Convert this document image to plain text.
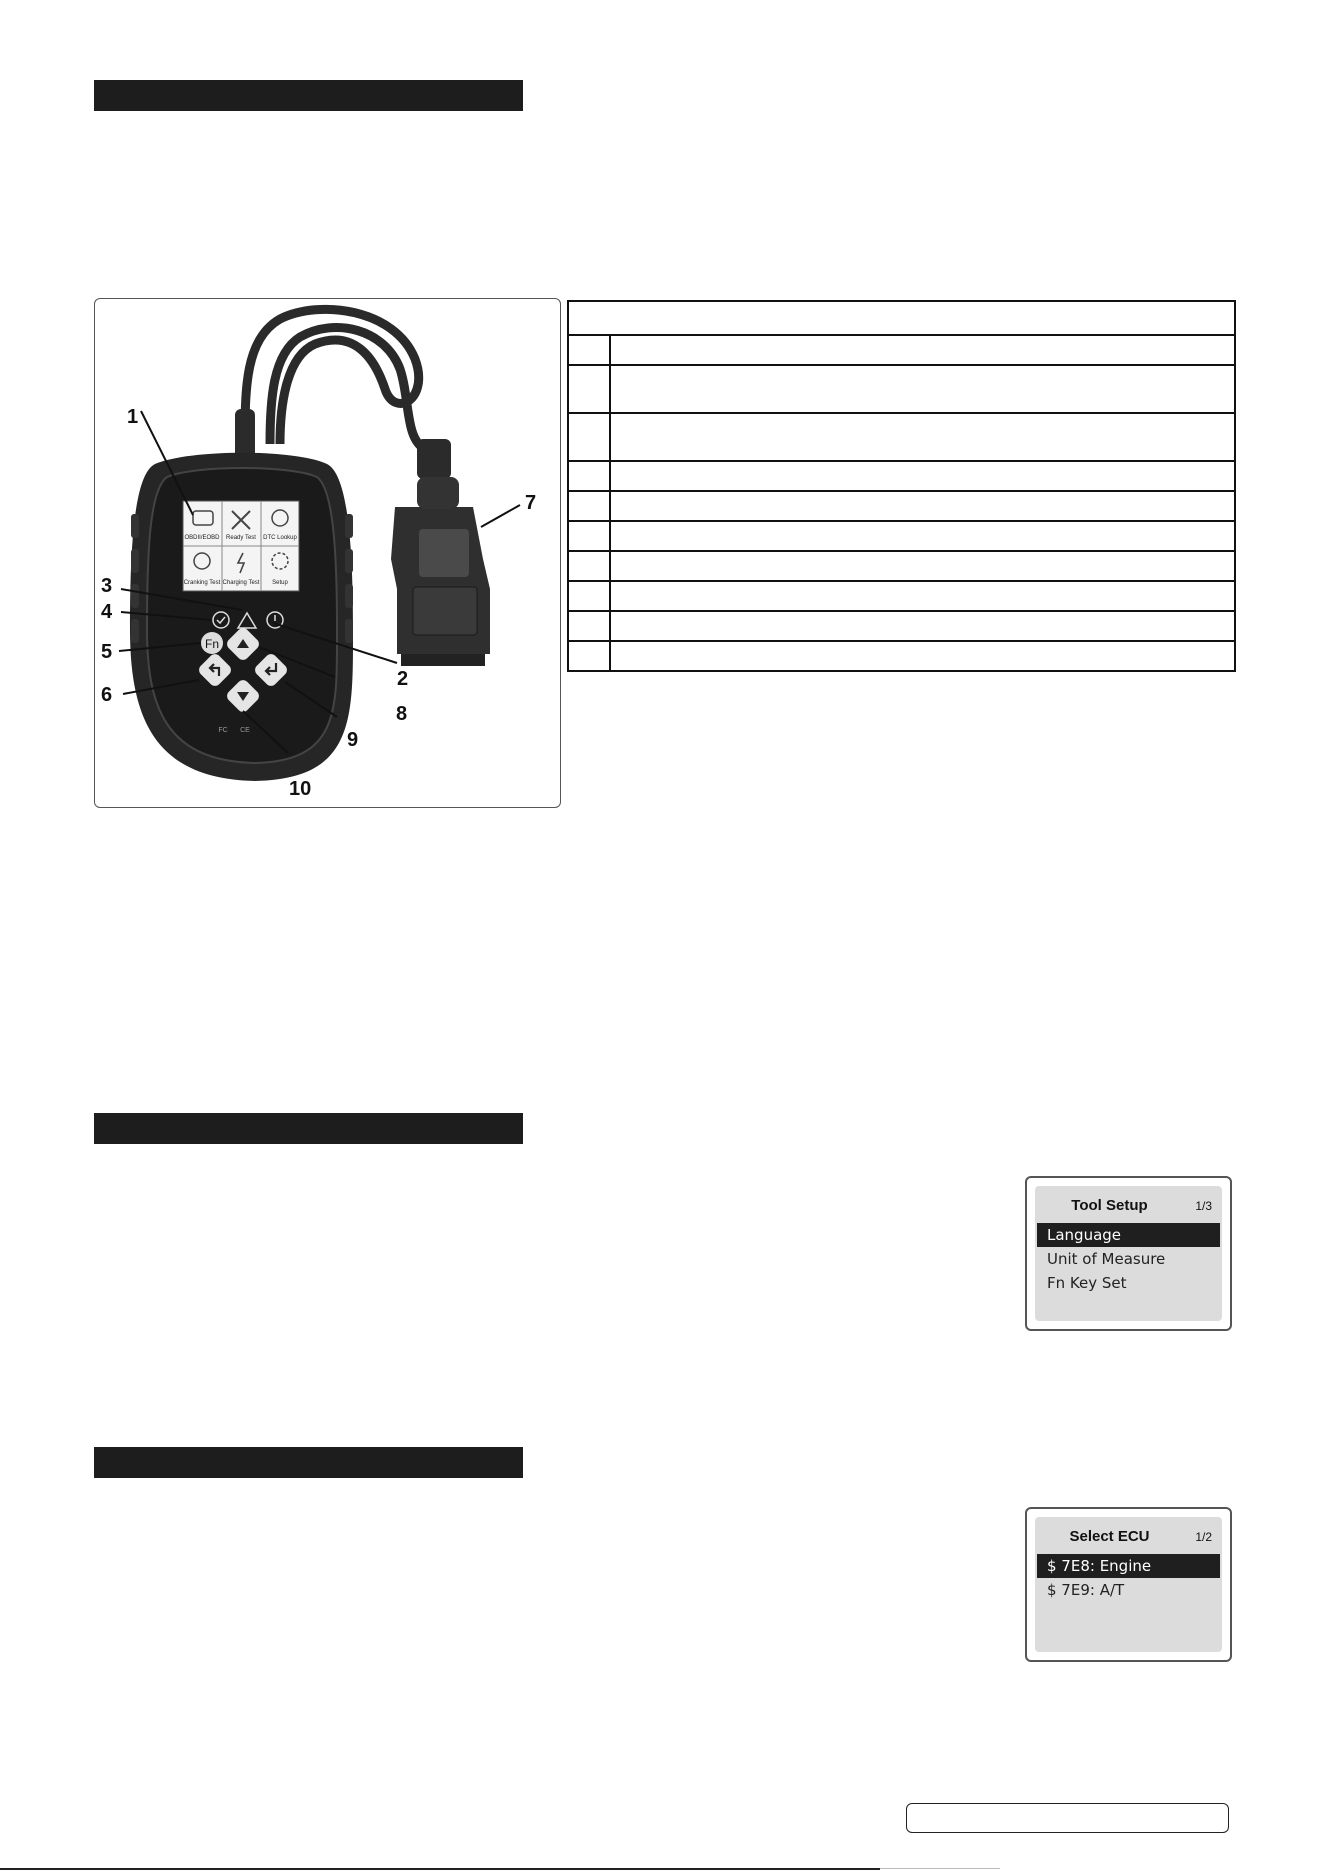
OBDII/EOBD Ready Test DTC Lookup
Cranking Test Charging Test Setup
Fn
FC CE
1
2
3
4
5
6
7
8
9
10

Tool Setup	1/3
Language
Unit of Measure
Fn Key Set
Select ECU	1/2
$ 7E8: Engine
$ 7E9: A/T
